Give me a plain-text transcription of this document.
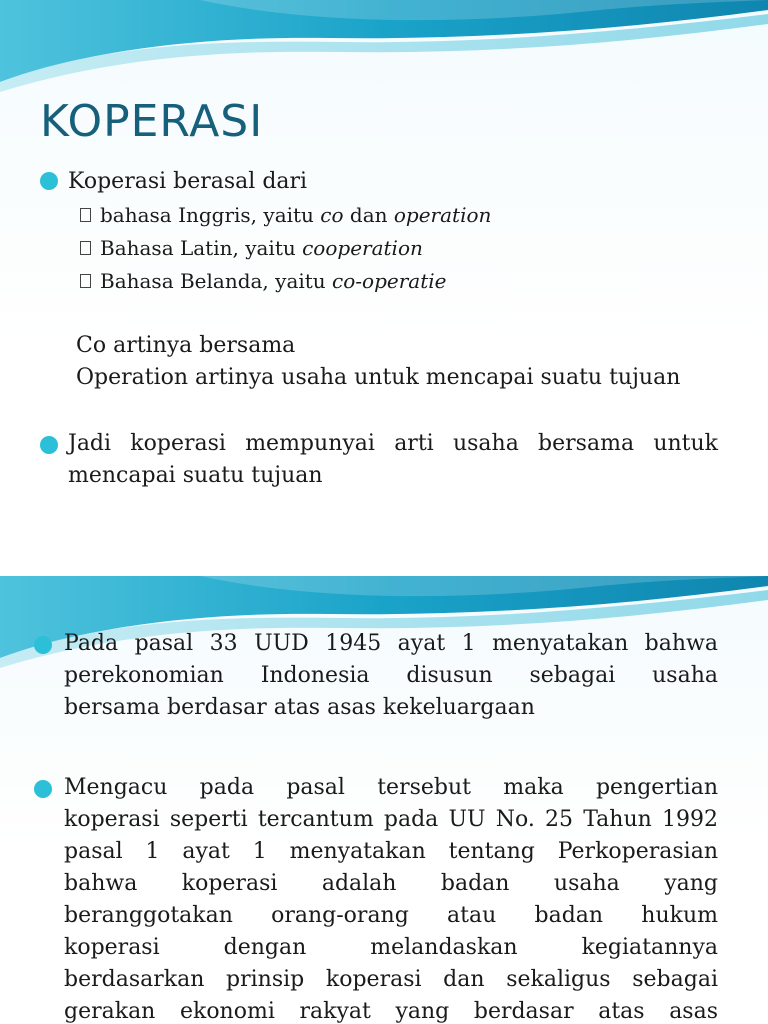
KOPERASI

Koperasi berasal dari

bahasa Inggris, yaitu co dan operation

Bahasa Latin, yaitu cooperation

Bahasa Belanda, yaitu co-operatie

Co artinya bersama

Operation artinya usaha untuk mencapai suatu tujuan

Jadi koperasi mempunyai arti usaha bersama untuk
mencapai suatu tujuan
Pada pasal 33 UUD 1945 ayat 1 menyatakan bahwa
perekonomian Indonesia disusun sebagai usaha
bersama berdasar atas asas kekeluargaan
Mengacu pada pasal tersebut maka pengertian
koperasi seperti tercantum pada UU No. 25 Tahun 1992
pasal 1 ayat 1 menyatakan tentang Perkoperasian
bahwa koperasi adalah badan usaha yang
beranggotakan orang-orang atau badan hukum
koperasi dengan melandaskan kegiatannya
berdasarkan prinsip koperasi dan sekaligus sebagai
gerakan ekonomi rakyat yang berdasar atas asas
